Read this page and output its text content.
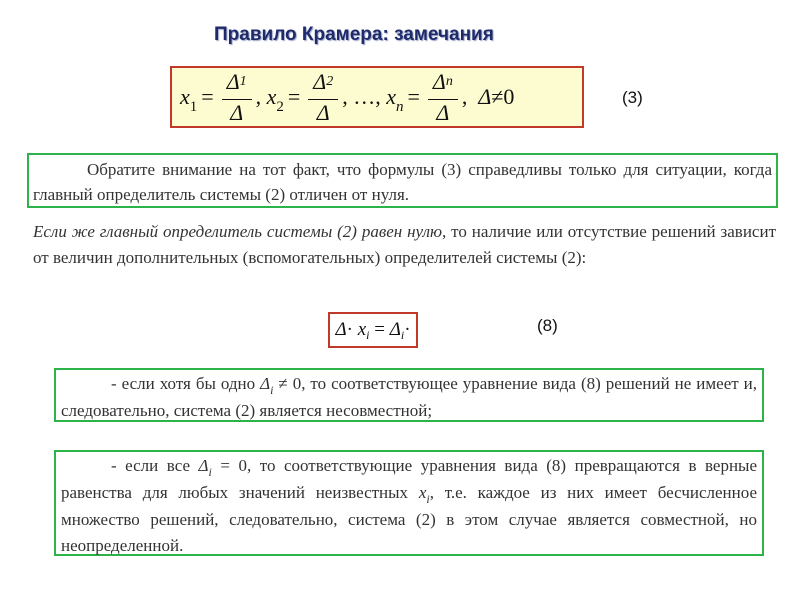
Правило Крамера: замечания
$x_1 = \frac{\Delta 1}{\Delta}$ ,
$x_2 = \frac{\Delta 2}{\Delta}$ ,
…,
$x_n = \frac{\Delta n}{\Delta}$ ,
Δ ≠ 0	(3)
Обратите внимание на тот факт, что формулы (3) справедливы только для ситуации, когда главный определитель системы (2) отличен от нуля.
Если же главный определитель системы (2) равен нулю, то наличие или отсутствие решений зависит от величин дополнительных (вспомогательных) определителей системы (2):
Δ ·
x i
=
Δ i ·	(8)
- если хотя бы одно $\Delta_i \ne 0$, то соответствующее уравнение вида (8) решений не имеет и, следовательно, система (2) является несовместной;
- если все $\Delta_i = 0$, то соответствующие уравнения вида (8) превращаются в верные равенства для любых значений неизвестных $x_i$, т.е. каждое из них имеет бесчисленное множество решений, следовательно, система (2) в этом случае является совместной, но неопределенной.
